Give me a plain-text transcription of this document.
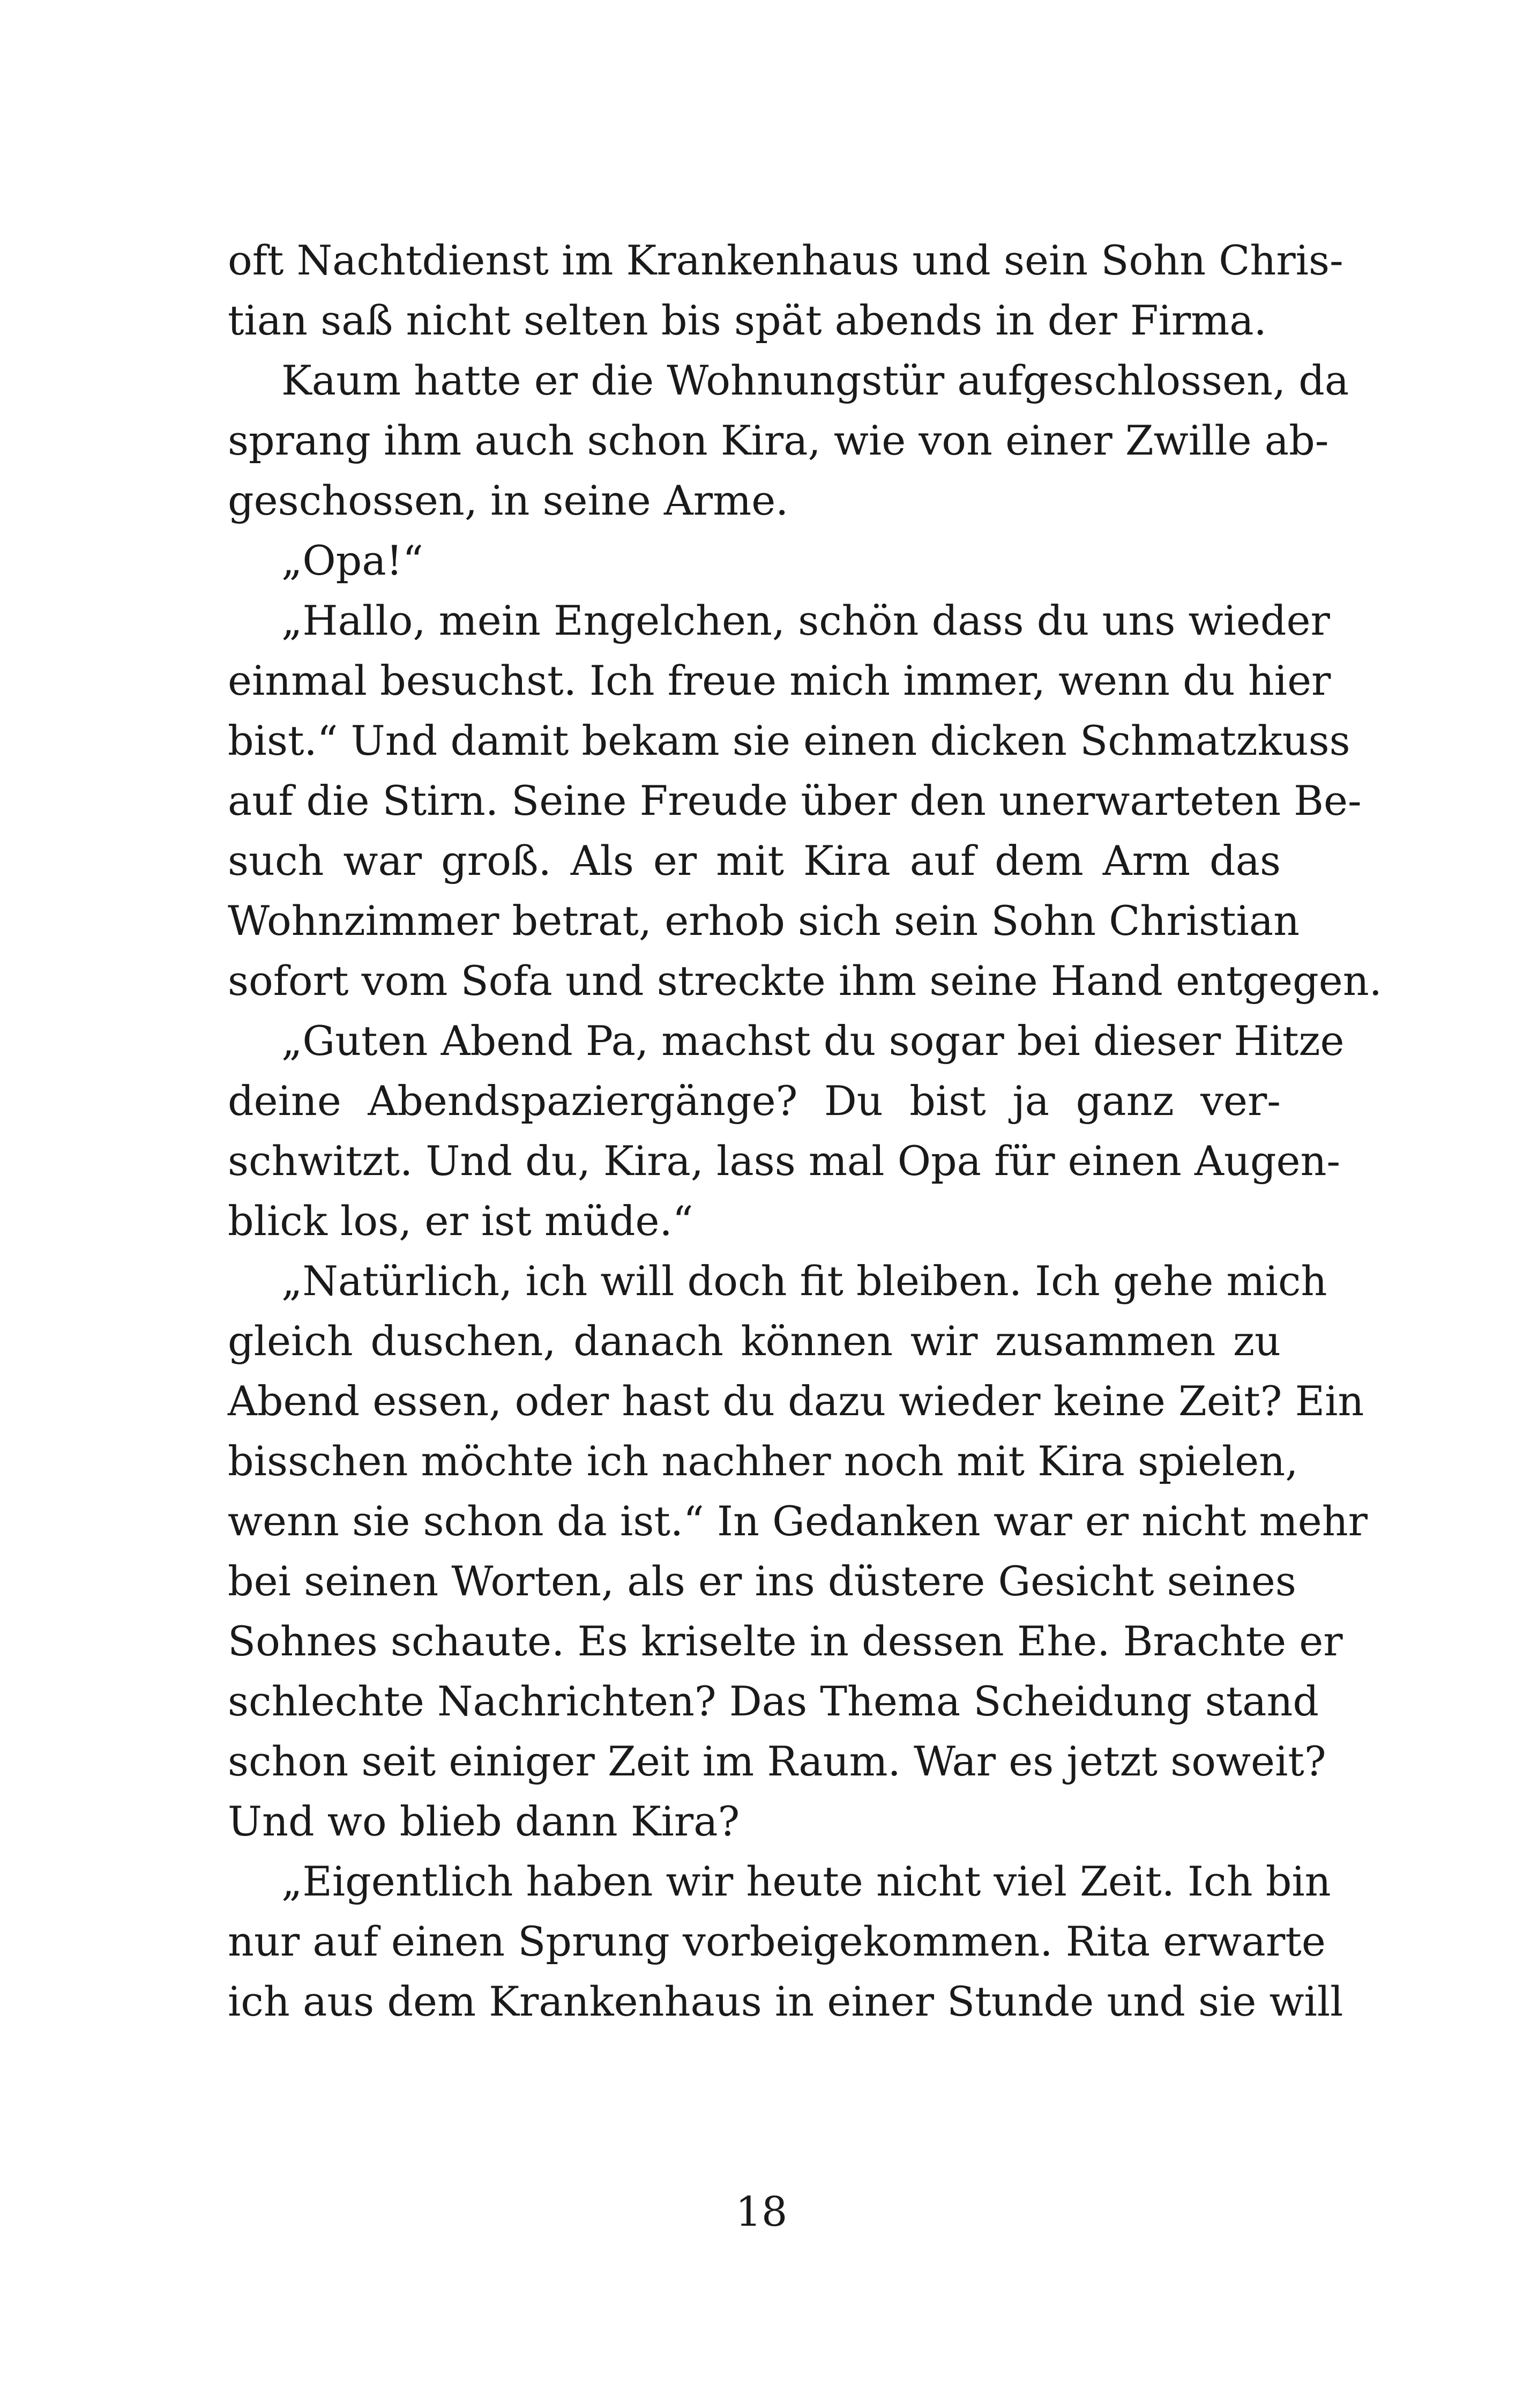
oft Nachtdienst im Krankenhaus und sein Sohn Chris-
tian saß nicht selten bis spät abends in der Firma.
Kaum hatte er die Wohnungstür aufgeschlossen, da
sprang ihm auch schon Kira, wie von einer Zwille ab-
geschossen, in seine Arme.
„Opa!“
„Hallo, mein Engelchen, schön dass du uns wieder
einmal besuchst. Ich freue mich immer, wenn du hier
bist.“ Und damit bekam sie einen dicken Schmatzkuss
auf die Stirn. Seine Freude über den unerwarteten Be-
such war groß. Als er mit Kira auf dem Arm das
Wohnzimmer betrat, erhob sich sein Sohn Christian
sofort vom Sofa und streckte ihm seine Hand entgegen.
„Guten Abend Pa, machst du sogar bei dieser Hitze
deine Abendspaziergänge? Du bist ja ganz ver-
schwitzt. Und du, Kira, lass mal Opa für einen Augen-
blick los, er ist müde.“
„Natürlich, ich will doch fit bleiben. Ich gehe mich
gleich duschen, danach können wir zusammen zu
Abend essen, oder hast du dazu wieder keine Zeit? Ein
bisschen möchte ich nachher noch mit Kira spielen,
wenn sie schon da ist.“ In Gedanken war er nicht mehr
bei seinen Worten, als er ins düstere Gesicht seines
Sohnes schaute. Es kriselte in dessen Ehe. Brachte er
schlechte Nachrichten? Das Thema Scheidung stand
schon seit einiger Zeit im Raum. War es jetzt soweit?
Und wo blieb dann Kira?
„Eigentlich haben wir heute nicht viel Zeit. Ich bin
nur auf einen Sprung vorbeigekommen. Rita erwarte
ich aus dem Krankenhaus in einer Stunde und sie will
18
